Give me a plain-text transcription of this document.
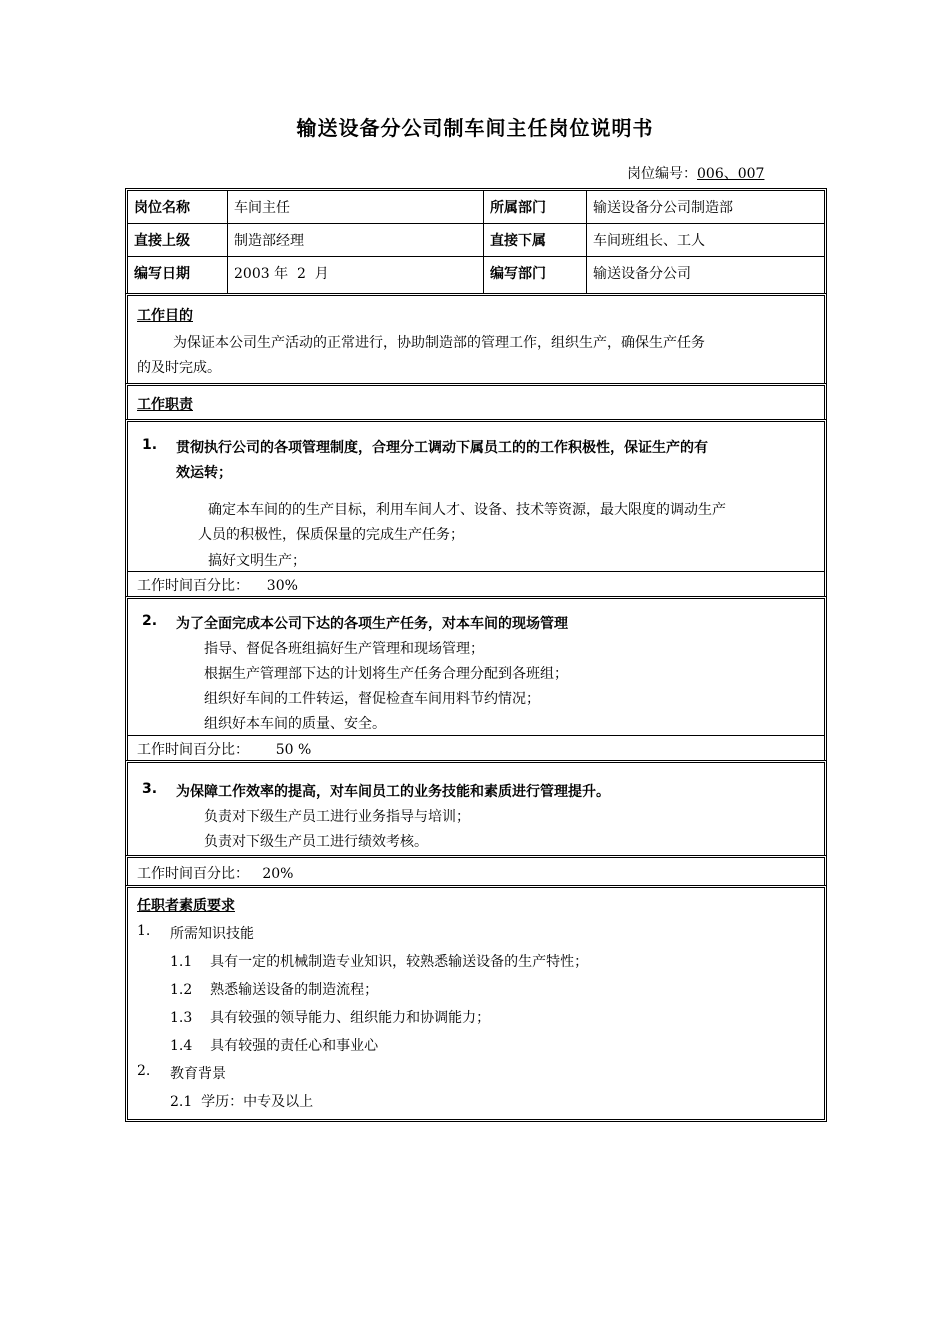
输送设备分公司制车间主任岗位说明书
岗位编号：006、007
岗位名称	车间主任	所属部门	输送设备分公司制造部
直接上级	制造部经理	直接下属	车间班组长、工人
编写日期	2003 年  2  月	编写部门	输送设备分公司
工作目的
为保证本公司生产活动的正常进行，协助制造部的管理工作，组织生产，确保生产任务
的及时完成。
工作职责
1. 贯彻执行公司的各项管理制度，合理分工调动下属员工的的工作积极性，保证生产的有
效运转；
确定本车间的的生产目标，利用车间人才、设备、技术等资源，最大限度的调动生产
人员的积极性，保质保量的完成生产任务；
搞好文明生产；
工作时间百分比：    30%
2. 为了全面完成本公司下达的各项生产任务，对本车间的现场管理
指导、督促各班组搞好生产管理和现场管理；
根据生产管理部下达的计划将生产任务合理分配到各班组；
组织好车间的工件转运，督促检查车间用料节约情况；
组织好本车间的质量、安全。
工作时间百分比：      50 %
3. 为保障工作效率的提高，对车间员工的业务技能和素质进行管理提升。
负责对下级生产员工进行业务指导与培训；
负责对下级生产员工进行绩效考核。
工作时间百分比：   20%
任职者素质要求
1. 所需知识技能
1.1    具有一定的机械制造专业知识，较熟悉输送设备的生产特性；
1.2    熟悉输送设备的制造流程；
1.3    具有较强的领导能力、组织能力和协调能力；
1.4    具有较强的责任心和事业心
2. 教育背景
2.1  学历：中专及以上
